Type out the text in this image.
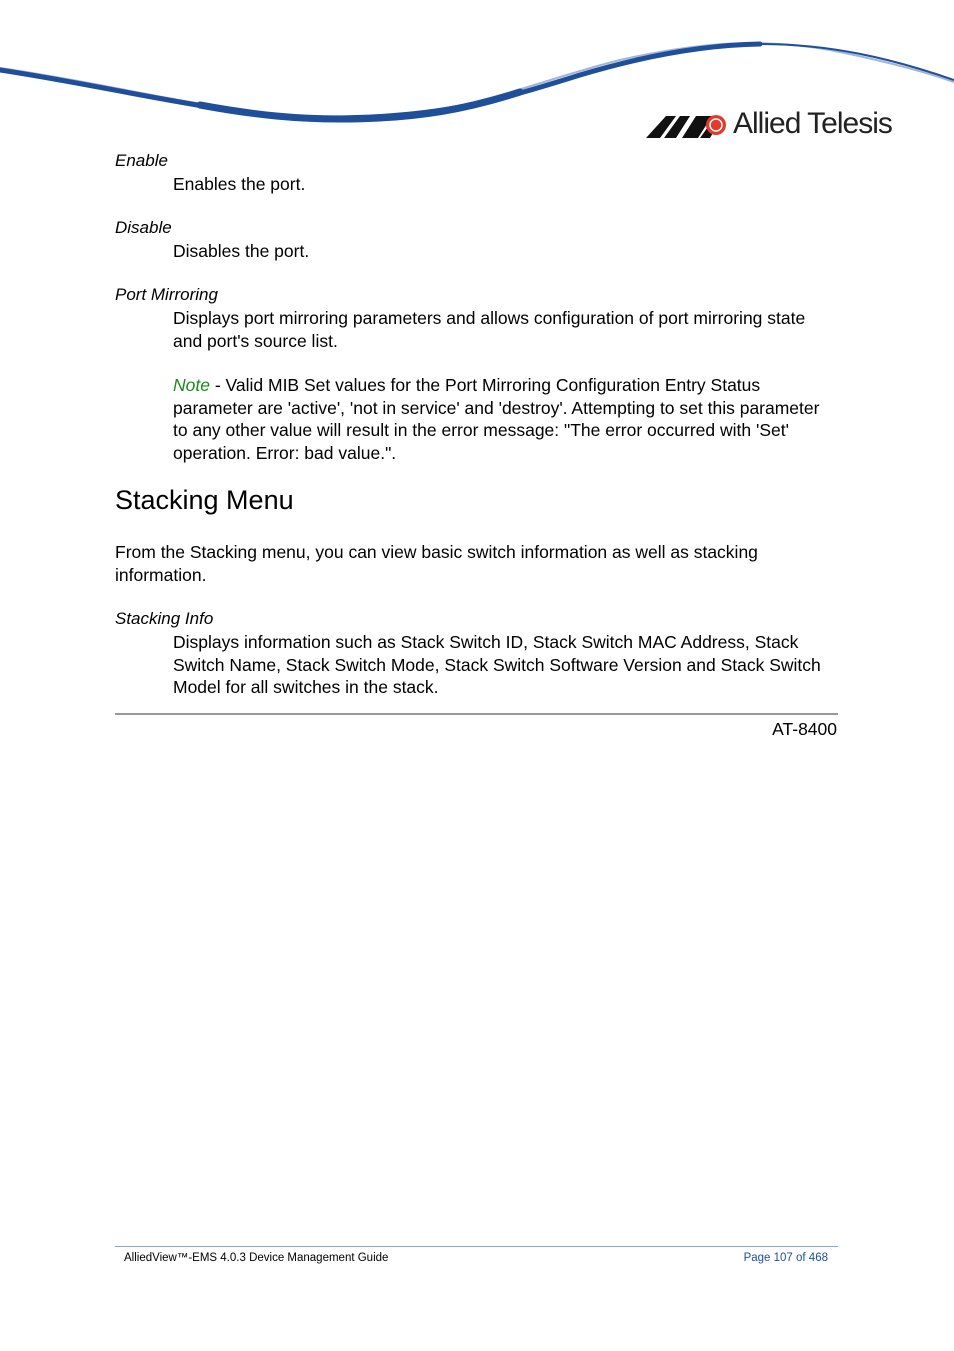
Allied Telesis
Enable
Enables the port.
Disable
Disables the port.
Port Mirroring
Displays port mirroring parameters and allows configuration of port mirroring state and port's source list.
Note - Valid MIB Set values for the Port Mirroring Configuration Entry Status parameter are 'active', 'not in service' and 'destroy'. Attempting to set this parameter to any other value will result in the error message: "The error occurred with 'Set' operation. Error: bad value.".
Stacking Menu
From the Stacking menu, you can view basic switch information as well as stacking information.
Stacking Info
Displays information such as Stack Switch ID, Stack Switch MAC Address, Stack Switch Name, Stack Switch Mode, Stack Switch Software Version and Stack Switch Model for all switches in the stack.
AT-8400
AlliedView™-EMS 4.0.3 Device Management Guide	Page 107 of 468
